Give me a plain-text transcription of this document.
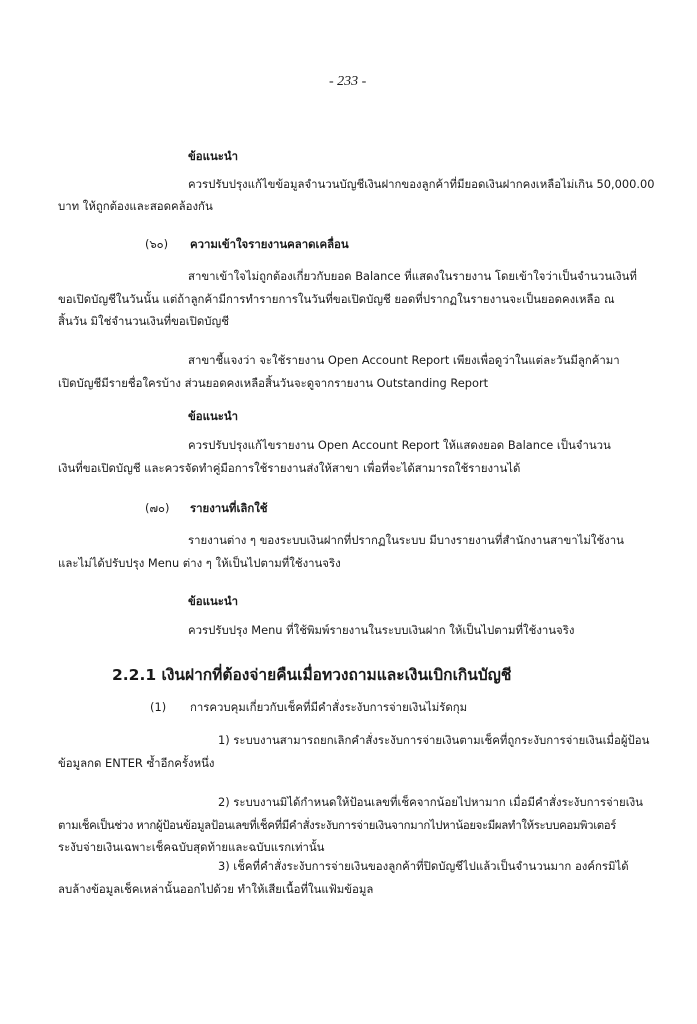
- 233 -
ข้อแนะนำ
ควรปรับปรุงแก้ไขข้อมูลจำนวนบัญชีเงินฝากของลูกค้าที่มียอดเงินฝากคงเหลือไม่เกิน 50,000.00
บาท ให้ถูกต้องและสอดคล้องกัน
(๖๐) ความเข้าใจรายงานคลาดเคลื่อน
สาขาเข้าใจไม่ถูกต้องเกี่ยวกับยอด Balance ที่แสดงในรายงาน โดยเข้าใจว่าเป็นจำนวนเงินที่
ขอเปิดบัญชีในวันนั้น แต่ถ้าลูกค้ามีการทำรายการในวันที่ขอเปิดบัญชี ยอดที่ปรากฏในรายงานจะเป็นยอดคงเหลือ ณ
สิ้นวัน มิใช่จำนวนเงินที่ขอเปิดบัญชี
สาขาชี้แจงว่า จะใช้รายงาน Open Account Report เพียงเพื่อดูว่าในแต่ละวันมีลูกค้ามา
เปิดบัญชีมีรายชื่อใครบ้าง ส่วนยอดคงเหลือสิ้นวันจะดูจากรายงาน Outstanding Report
ข้อแนะนำ
ควรปรับปรุงแก้ไขรายงาน Open Account Report ให้แสดงยอด Balance เป็นจำนวน
เงินที่ขอเปิดบัญชี และควรจัดทำคู่มือการใช้รายงานส่งให้สาขา เพื่อที่จะได้สามารถใช้รายงานได้
(๗๐) รายงานที่เลิกใช้
รายงานต่าง ๆ ของระบบเงินฝากที่ปรากฏในระบบ มีบางรายงานที่สำนักงานสาขาไม่ใช้งาน
และไม่ได้ปรับปรุง Menu ต่าง ๆ ให้เป็นไปตามที่ใช้งานจริง
ข้อแนะนำ
ควรปรับปรุง Menu ที่ใช้พิมพ์รายงานในระบบเงินฝาก ให้เป็นไปตามที่ใช้งานจริง
2.2.1 เงินฝากที่ต้องจ่ายคืนเมื่อทวงถามและเงินเบิกเกินบัญชี
(1) การควบคุมเกี่ยวกับเช็คที่มีคำสั่งระงับการจ่ายเงินไม่รัดกุม
1) ระบบงานสามารถยกเลิกคำสั่งระงับการจ่ายเงินตามเช็คที่ถูกระงับการจ่ายเงินเมื่อผู้ป้อน
ข้อมูลกด ENTER ซ้ำอีกครั้งหนึ่ง
2) ระบบงานมิได้กำหนดให้ป้อนเลขที่เช็คจากน้อยไปหามาก เมื่อมีคำสั่งระงับการจ่ายเงิน
ตามเช็คเป็นช่วง หากผู้ป้อนข้อมูลป้อนเลขที่เช็คที่มีคำสั่งระงับการจ่ายเงินจากมากไปหาน้อยจะมีผลทำให้ระบบคอมพิวเตอร์
ระงับจ่ายเงินเฉพาะเช็คฉบับสุดท้ายและฉบับแรกเท่านั้น
3) เช็คที่คำสั่งระงับการจ่ายเงินของลูกค้าที่ปิดบัญชีไปแล้วเป็นจำนวนมาก องค์กรมิได้
ลบล้างข้อมูลเช็คเหล่านั้นออกไปด้วย ทำให้เสียเนื้อที่ในแฟ้มข้อมูล
